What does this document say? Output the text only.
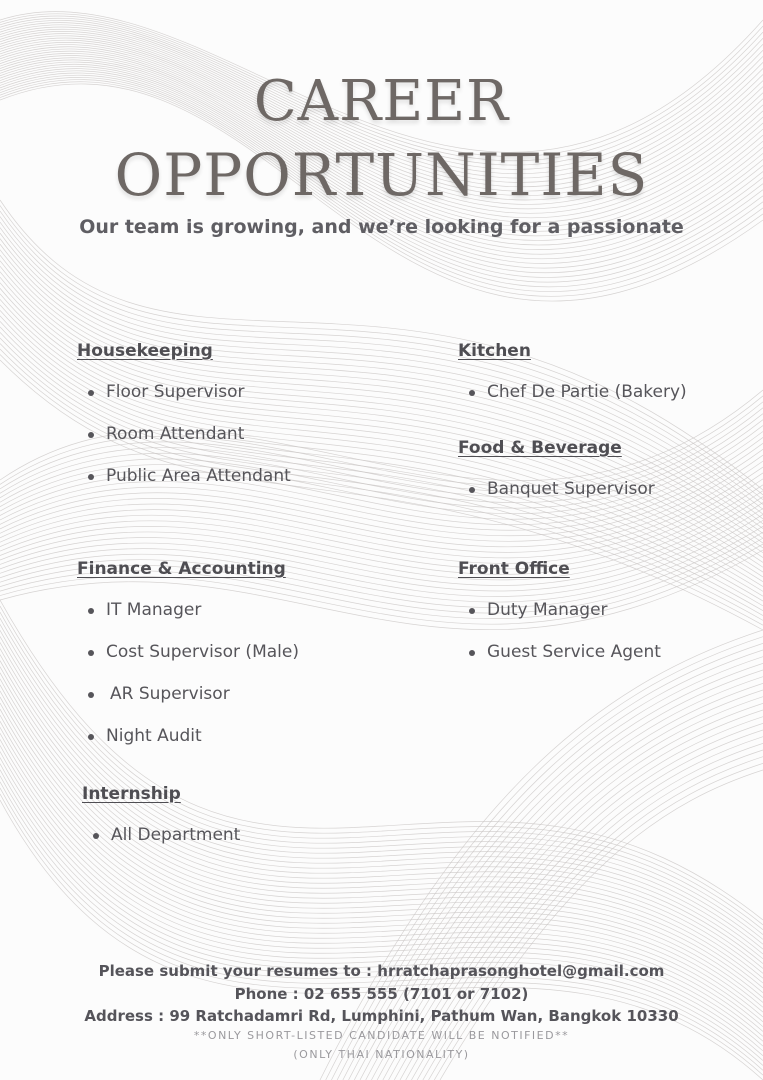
CAREER
OPPORTUNITIES
Our team is growing, and we’re looking for a passionate
Housekeeping
Floor Supervisor
Room Attendant
Public Area Attendant
Kitchen
Chef De Partie (Bakery)
Food & Beverage
Banquet Supervisor
Finance & Accounting
IT Manager
Cost Supervisor (Male)
AR Supervisor
Night Audit
Front Office
Duty Manager
Guest Service Agent
Internship
All Department
Please submit your resumes to : hrratchaprasonghotel@gmail.com
Phone : 02 655 555 (7101 or 7102)
Address : 99 Ratchadamri Rd, Lumphini, Pathum Wan, Bangkok 10330
**ONLY SHORT-LISTED CANDIDATE WILL BE NOTIFIED**
(ONLY THAI NATIONALITY)
